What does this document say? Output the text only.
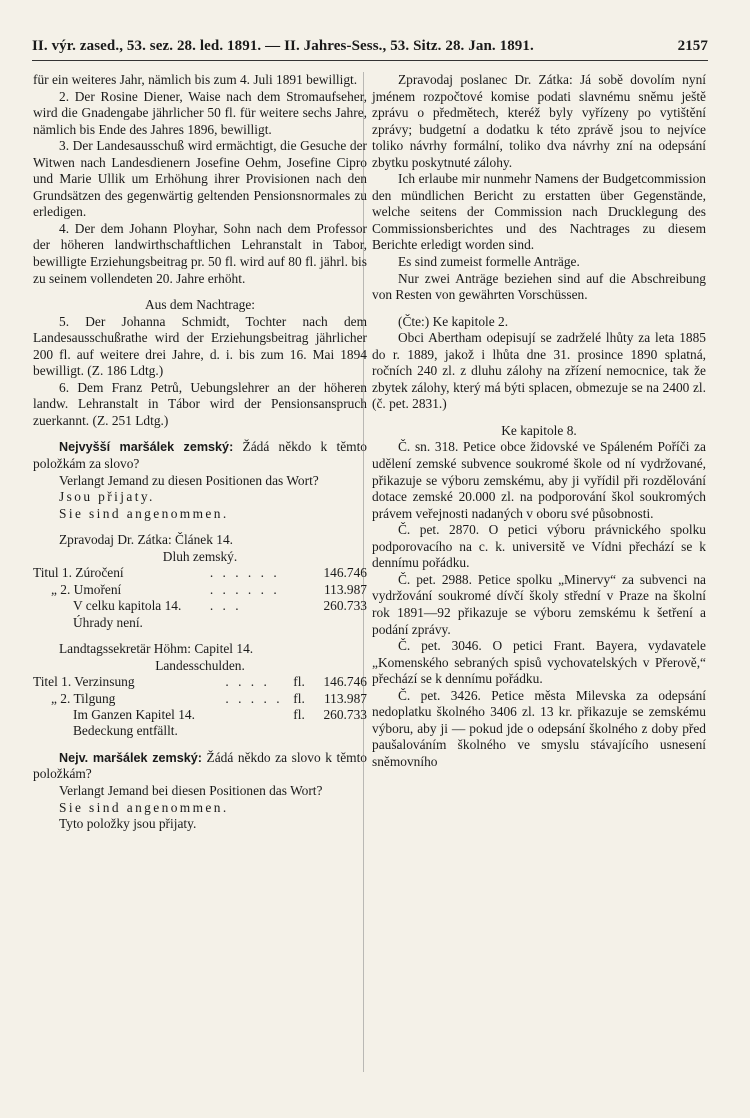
II. výr. zased., 53. sez. 28. led. 1891. — II. Jahres-Sess., 53. Sitz. 28. Jan. 1891.	2157

für ein weiteres Jahr, nämlich bis zum 4. Juli 1891 bewilligt.

2. Der Rosine Diener, Waise nach dem Stromaufseher, wird die Gnadengabe jährlicher 50 fl. für weitere sechs Jahre, nämlich bis Ende des Jahres 1896, bewilligt.

3. Der Landesausschuß wird ermächtigt, die Gesuche der Witwen nach Landesdienern Josefine Oehm, Josefine Cipro und Marie Ullik um Erhöhung ihrer Provisionen nach den Grundsätzen des gegenwärtig geltenden Pensionsnormales zu erledigen.

4. Der dem Johann Ployhar, Sohn nach dem Professor der höheren landwirthschaftlichen Lehranstalt in Tabor, bewilligte Erziehungsbeitrag pr. 50 fl. wird auf 80 fl. jährl. bis zu seinem vollendeten 20. Jahre erhöht.

Aus dem Nachtrage:

5. Der Johanna Schmidt, Tochter nach dem Landesausschußrathe wird der Erziehungsbeitrag jährlicher 200 fl. auf weitere drei Jahre, d. i. bis zum 16. Mai 1894 bewilligt. (Z. 186 Ldtg.)

6. Dem Franz Petrů, Uebungslehrer an der höheren landw. Lehranstalt in Tábor wird der Pensionsanspruch zuerkannt. (Z. 251 Ldtg.)

Nejvyšší maršálek zemský: Žádá někdo k těmto položkám za slovo?

Verlangt Jemand zu diesen Positionen das Wort?

Jsou přijaty.

Sie sind angenommen.

Zpravodaj Dr. Zátka: Článek 14.

Dluh zemský.

Titul 1. Zúročení	. . . . . .		146.746
„ 2. Umoření	. . . . . .		113.987
V celku kapitola 14.	. . .		260.733

Úhrady není.

Landtagssekretär Höhm: Capitel 14.

Landesschulden.

Titel 1. Verzinsung	. . . .	fl.	146.746
„ 2. Tilgung	. . . . .	fl.	113.987
Im Ganzen Kapitel 14.		fl.	260.733

Bedeckung entfällt.

Nejv. maršálek zemský: Žádá někdo za slovo k těmto položkám?

Verlangt Jemand bei diesen Positionen das Wort?

Sie sind angenommen.

Tyto položky jsou přijaty.

Zpravodaj poslanec Dr. Zátka: Já sobě dovolím nyní jménem rozpočtové komise podati slavnému sněmu ještě zprávu o předmětech, kteréž byly vyřízeny po vytištění zprávy; budgetní a dodatku k této zprávě jsou to nejvíce toliko návrhy formální, toliko dva návrhy zní na odepsání zbytku poskytnuté zálohy.

Ich erlaube mir nunmehr Namens der Budgetcommission den mündlichen Bericht zu erstatten über Gegenstände, welche seitens der Commission nach Drucklegung des Commissionsberichtes und des Nachtrages zu diesem Berichte erledigt worden sind.

Es sind zumeist formelle Anträge.

Nur zwei Anträge beziehen sind auf die Abschreibung von Resten von gewährten Vorschüssen.

(Čte:) Ke kapitole 2.

Obci Abertham odepisují se zadrželé lhůty za leta 1885 do r. 1889, jakož i lhůta dne 31. prosince 1890 splatná, ročních 240 zl. z dluhu zálohy na zřízení nemocnice, tak že zbytek zálohy, který má býti splacen, obmezuje se na 2400 zl. (č. pet. 2831.)

Ke kapitole 8.

Č. sn. 318. Petice obce židovské ve Spáleném Poříči za udělení zemské subvence soukromé škole od ní vydržované, přikazuje se výboru zemskému, aby ji vyřídil při rozdělování dotace zemské 20.000 zl. na podporování škol soukromých právem veřejnosti nadaných v oboru své působnosti.

Č. pet. 2870. O petici výboru právnického spolku podporovacího na c. k. universitě ve Vídni přechází se k dennímu pořádku.

Č. pet. 2988. Petice spolku „Minervy“ za subvenci na vydržování soukromé dívčí školy střední v Praze na školní rok 1891—92 přikazuje se výboru zemskému k šetření a podání zprávy.

Č. pet. 3046. O petici Frant. Bayera, vydavatele „Komenského sebraných spisů vychovatelských v Přerově,“ přechází se k dennímu pořádku.

Č. pet. 3426. Petice města Milevska za odepsání nedoplatku školného 3406 zl. 13 kr. přikazuje se zemskému výboru, aby ji — pokud jde o odepsání školného z doby před paušalováním školného ve smyslu stávajícího usnesení sněmovního
